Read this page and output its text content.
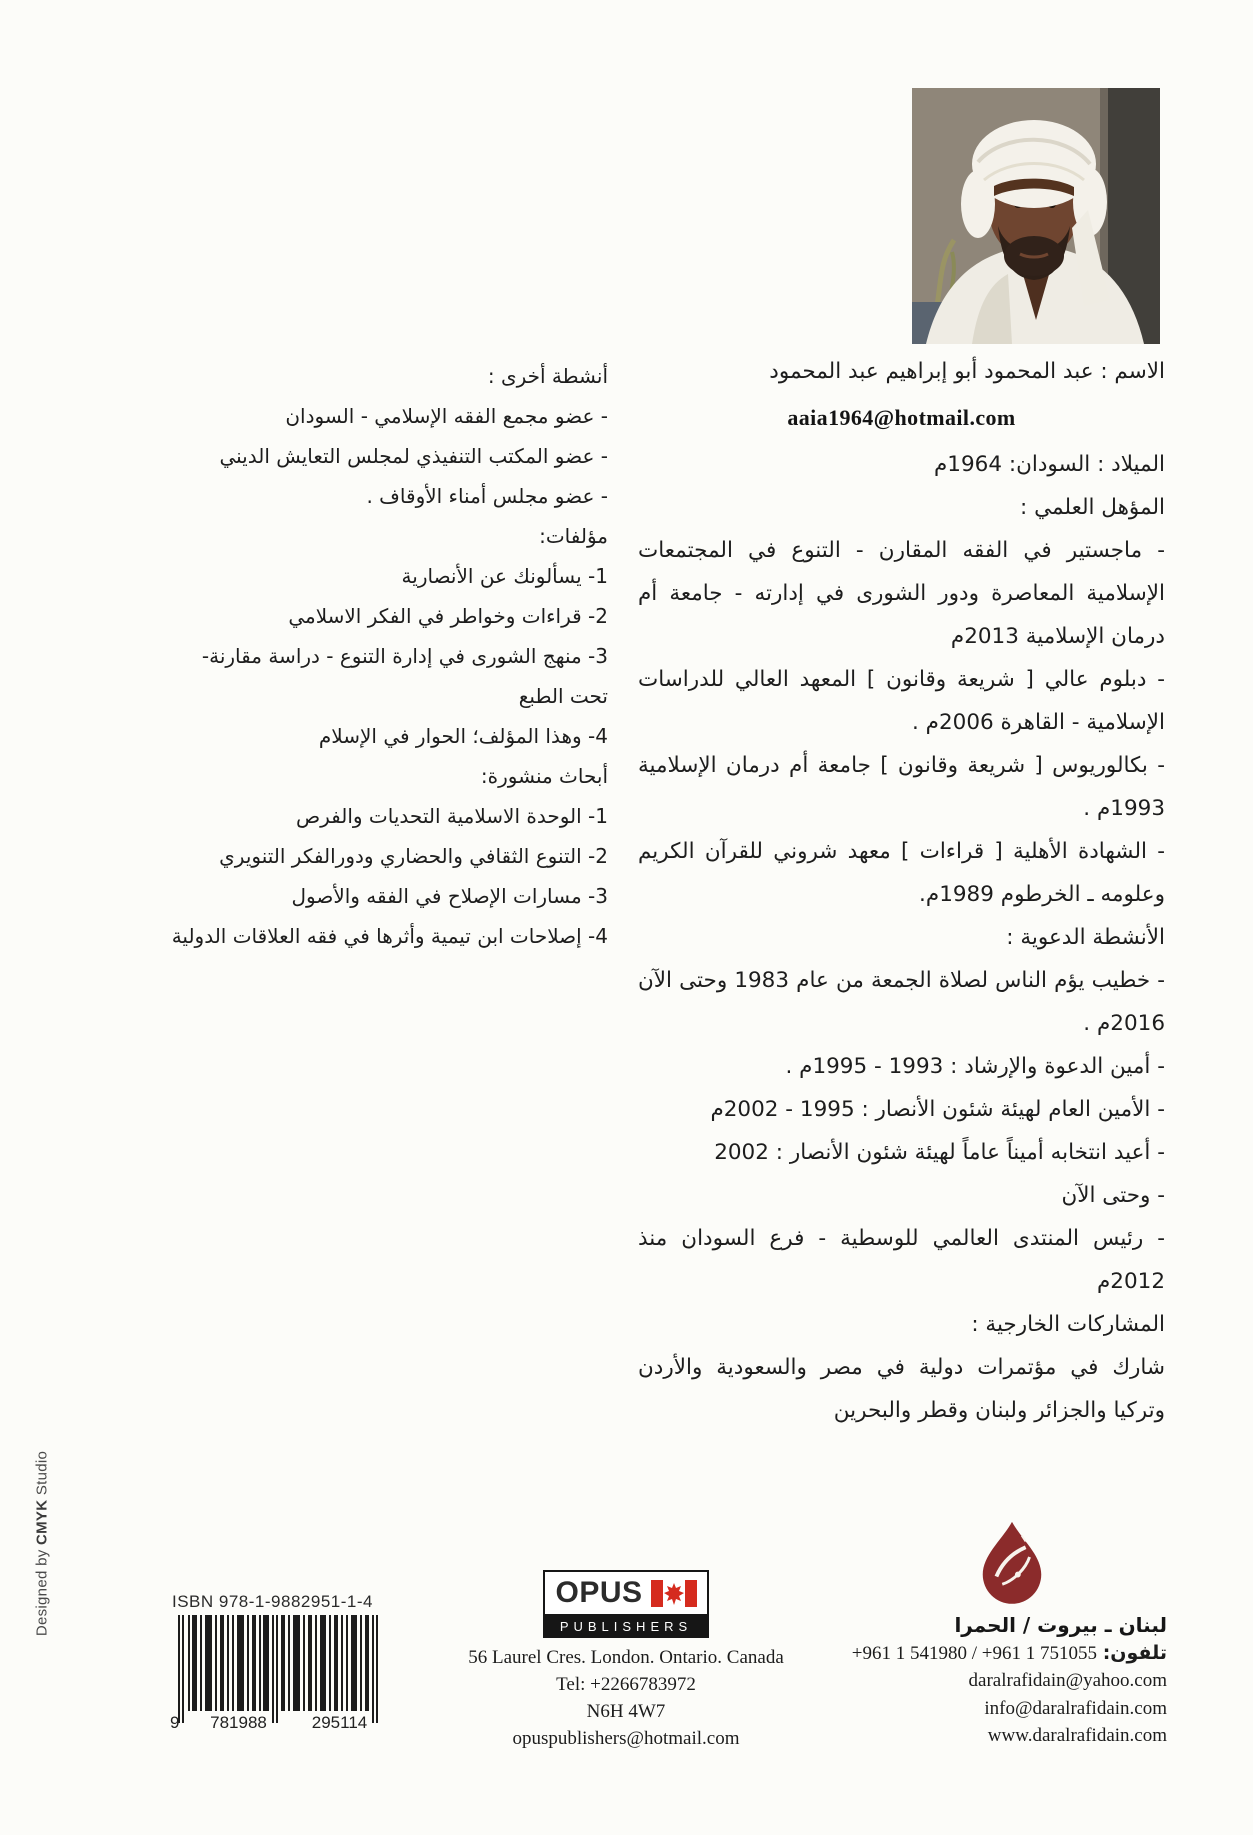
Designed by CMYK Studio

الاسم : عبد المحمود أبو إبراهيم عبد المحمود

aaia1964@hotmail.com

الميلاد : السودان: 1964م

المؤهل العلمي :

- ماجستير في الفقه المقارن - التنوع في المجتمعات الإسلامية المعاصرة ودور الشورى في إدارته - جامعة أم درمان الإسلامية 2013م

- دبلوم عالي [ شريعة وقانون ] المعهد العالي للدراسات الإسلامية - القاهرة 2006م .

- بكالوريوس [ شريعة وقانون ] جامعة أم درمان الإسلامية 1993م .

- الشهادة الأهلية [ قراءات ] معهد شروني للقرآن الكريم وعلومه ـ الخرطوم 1989م.

الأنشطة الدعوية :

- خطيب يؤم الناس لصلاة الجمعة من عام 1983 وحتى الآن 2016م .

- أمين الدعوة والإرشاد : 1993 - 1995م .

- الأمين العام لهيئة شئون الأنصار : 1995 - 2002م

- أعيد انتخابه أميناً عاماً لهيئة شئون الأنصار : 2002

- وحتى الآن

- رئيس المنتدى العالمي للوسطية - فرع السودان منذ 2012م

المشاركات الخارجية :

شارك في مؤتمرات دولية في مصر والسعودية والأردن وتركيا والجزائر ولبنان وقطر والبحرين

أنشطة أخرى :

- عضو مجمع الفقه الإسلامي - السودان

- عضو المكتب التنفيذي لمجلس التعايش الديني

- عضو مجلس أمناء الأوقاف .

مؤلفات:

1- يسألونك عن الأنصارية

2- قراءات وخواطر في الفكر الاسلامي

3- منهج الشورى في إدارة التنوع - دراسة مقارنة- تحت الطبع

4- وهذا المؤلف؛ الحوار في الإسلام

أبحاث منشورة:

1- الوحدة الاسلامية التحديات والفرص

2- التنوع الثقافي والحضاري ودورالفكر التنويري

3- مسارات الإصلاح في الفقه والأصول

4- إصلاحات ابن تيمية وأثرها في فقه العلاقات الدولية

ISBN 978-1-9882951-1-4
9	781988	295114
OPUS
PUBLISHERS
56 Laurel Cres. London. Ontario. Canada
Tel: +2266783972
N6H 4W7
opuspublishers@hotmail.com
لبنان ـ بيروت / الحمرا
تلفون: +961 1 541980 / +961 1 751055
daralrafidain@yahoo.com
info@daralrafidain.com
www.daralrafidain.com
